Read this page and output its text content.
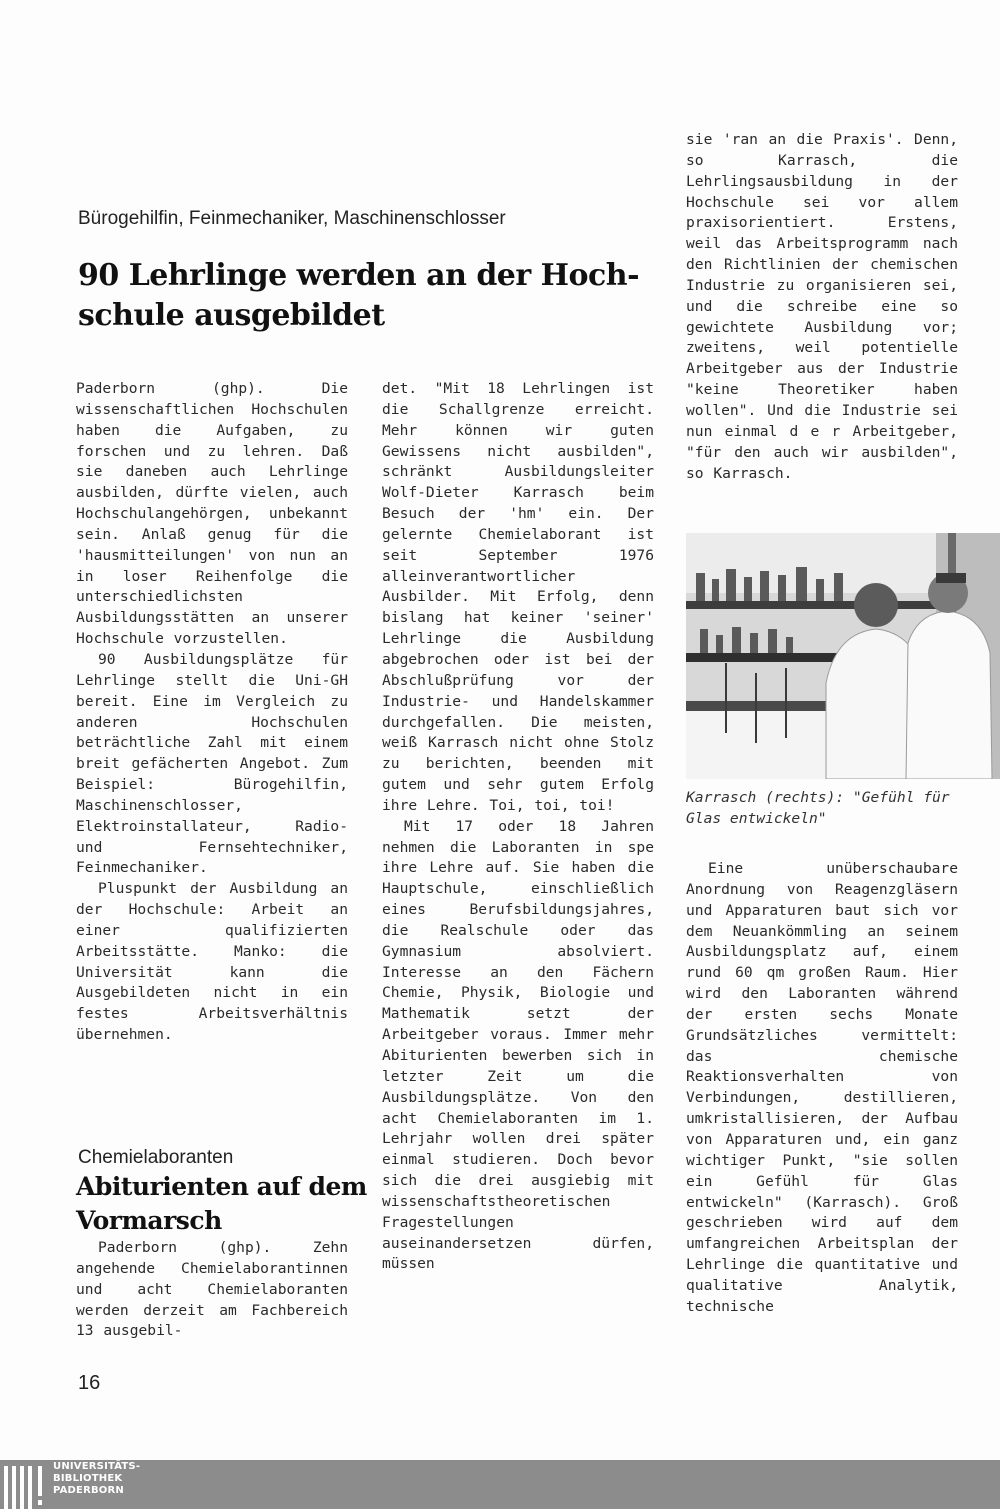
Bürogehilfin, Feinmechaniker, Maschinenschlosser
90 Lehrlinge werden an der Hoch-
schule ausgebildet

Paderborn (ghp). Die wissenschaftlichen Hochschulen haben die Aufgaben, zu forschen und zu lehren. Daß sie daneben auch Lehrlinge ausbilden, dürfte vielen, auch Hochschulangehörgen, unbekannt sein. Anlaß genug für die 'hausmitteilungen' von nun an in loser Reihenfolge die unterschiedlichsten Ausbildungsstätten an unserer Hochschule vorzustellen.

90 Ausbildungsplätze für Lehrlinge stellt die Uni-GH bereit. Eine im Vergleich zu anderen Hochschulen beträchtliche Zahl mit einem breit gefächerten Angebot. Zum Beispiel: Bürogehilfin, Maschinenschlosser, Elektroinstallateur, Radio- und Fernsehtechniker, Feinmechaniker.

Pluspunkt der Ausbildung an der Hochschule: Arbeit an einer qualifizierten Arbeitsstätte. Manko: die Universität kann die Ausgebildeten nicht in ein festes Arbeitsverhältnis übernehmen.

Chemielaboranten
Abiturienten auf dem
Vormarsch

Paderborn (ghp). Zehn angehende Chemielaborantinnen und acht Chemielaboranten werden derzeit am Fachbereich 13 ausgebil-

det. "Mit 18 Lehrlingen ist die Schallgrenze erreicht. Mehr können wir guten Gewissens nicht ausbilden", schränkt Ausbildungsleiter Wolf-Dieter Karrasch beim Besuch der 'hm' ein. Der gelernte Chemielaborant ist seit September 1976 alleinverantwortlicher Ausbilder. Mit Erfolg, denn bislang hat keiner 'seiner' Lehrlinge die Ausbildung abgebrochen oder ist bei der Abschlußprüfung vor der Industrie- und Handelskammer durchgefallen. Die meisten, weiß Karrasch nicht ohne Stolz zu berichten, beenden mit gutem und sehr gutem Erfolg ihre Lehre. Toi, toi, toi!

Mit 17 oder 18 Jahren nehmen die Laboranten in spe ihre Lehre auf. Sie haben die Hauptschule, einschließlich eines Berufsbildungsjahres, die Realschule oder das Gymnasium absolviert. Interesse an den Fächern Chemie, Physik, Biologie und Mathematik setzt der Arbeitgeber voraus. Immer mehr Abiturienten bewerben sich in letzter Zeit um die Ausbildungsplätze. Von den acht Chemielaboranten im 1. Lehrjahr wollen drei später einmal studieren. Doch bevor sich die drei ausgiebig mit wissenschaftstheoretischen Fragestellungen auseinandersetzen dürfen, müssen

sie 'ran an die Praxis'. Denn, so Karrasch, die Lehrlingsausbildung in der Hochschule sei vor allem praxisorientiert. Erstens, weil das Arbeitsprogramm nach den Richtlinien der chemischen Industrie zu organisieren sei, und die schreibe eine so gewichtete Ausbildung vor; zweitens, weil potentielle Arbeitgeber aus der Industrie "keine Theoretiker haben wollen". Und die Industrie sei nun einmal d e r Arbeitgeber, "für den auch wir ausbilden", so Karrasch.

Karrasch (rechts): "Gefühl für Glas entwickeln"

Eine unüberschaubare Anordnung von Reagenzgläsern und Apparaturen baut sich vor dem Neuankömmling an seinem Ausbildungsplatz auf, einem rund 60 qm großen Raum. Hier wird den Laboranten während der ersten sechs Monate Grundsätzliches vermittelt: das chemische Reaktionsverhalten von Verbindungen, destillieren, umkristallisieren, der Aufbau von Apparaturen und, ein ganz wichtiger Punkt, "sie sollen ein Gefühl für Glas entwickeln" (Karrasch). Groß geschrieben wird auf dem umfangreichen Arbeitsplan der Lehrlinge die quantitative und qualitative Analytik, technische

16
UNIVERSITÄTS-
BIBLIOTHEK
PADERBORN
